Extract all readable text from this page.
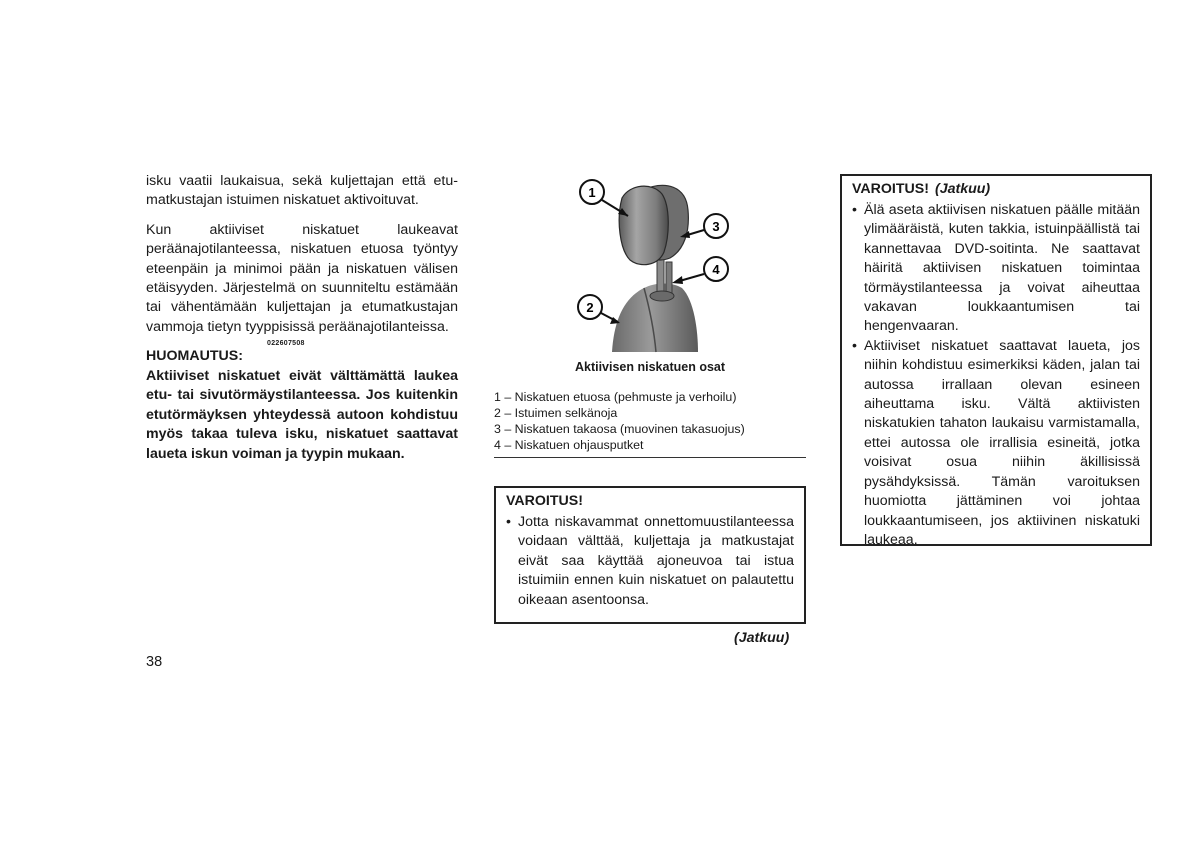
isku vaatii laukaisua, sekä kuljettajan että etu-matkustajan istuimen niskatuet aktivoituvat.

Kun aktiiviset niskatuet laukeavat peräänajotilanteessa, niskatuen etuosa työntyy eteenpäin ja minimoi pään ja niskatuen välisen etäisyyden. Järjestelmä on suunniteltu estämään tai vähentämään kuljettajan ja etumatkustajan vammoja tietyn tyyppisissä peräänajotilanteissa.

HUOMAUTUS:
Aktiiviset niskatuet eivät välttämättä laukea etu- tai sivutörmäystilanteessa. Jos kuitenkin etutörmäyksen yhteydessä autoon kohdistuu myös takaa tuleva isku, niskatuet saattavat laueta iskun voiman ja tyypin mukaan.
1
2
3
4
022607508
Aktiivisen niskatuen osat
1 – Niskatuen etuosa (pehmuste ja verhoilu)
2 – Istuimen selkänoja
3 – Niskatuen takaosa (muovinen takasuojus)
4 – Niskatuen ohjausputket
VAROITUS!
• Jotta niskavammat onnettomuustilanteessa voidaan välttää, kuljettaja ja matkustajat eivät saa käyttää ajoneuvoa tai istua istuimiin ennen kuin niskatuet on palautettu oikeaan asentoonsa.
(Jatkuu)
VAROITUS! (Jatkuu)
• Älä aseta aktiivisen niskatuen päälle mitään ylimääräistä, kuten takkia, istuinpäällistä tai kannettavaa DVD-soitinta. Ne saattavat häiritä aktiivisen niskatuen toimintaa törmäystilanteessa ja voivat aiheuttaa vakavan loukkaantumisen tai hengenvaaran.
• Aktiiviset niskatuet saattavat laueta, jos niihin kohdistuu esimerkiksi käden, jalan tai autossa irrallaan olevan esineen aiheuttama isku. Vältä aktiivisten niskatukien tahaton laukaisu varmistamalla, ettei autossa ole irrallisia esineitä, jotka voisivat osua niihin äkillisissä pysähdyksissä. Tämän varoituksen huomiotta jättäminen voi johtaa loukkaantumiseen, jos aktiivinen niskatuki laukeaa.
38
